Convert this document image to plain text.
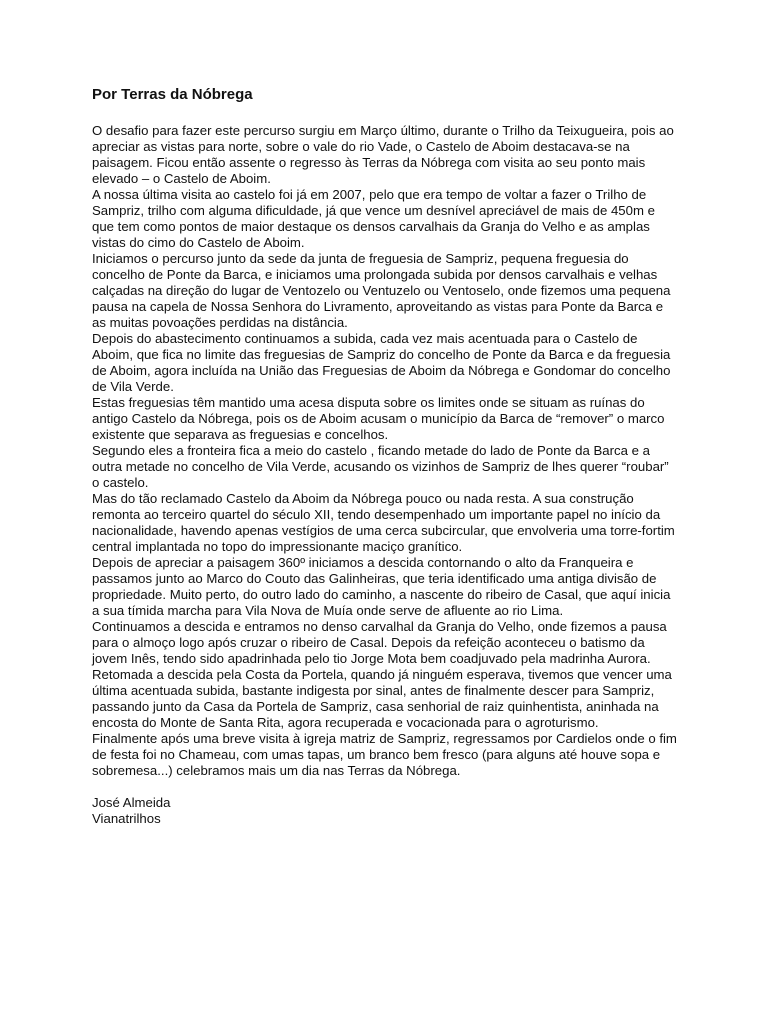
Por Terras da Nóbrega

O desafio para fazer este percurso surgiu em Março último, durante o Trilho da Teixugueira, pois ao apreciar as vistas para norte, sobre o vale do rio Vade, o Castelo de Aboim destacava-se na paisagem. Ficou então assente o regresso às Terras da Nóbrega com visita ao seu ponto mais elevado – o Castelo de Aboim.

A nossa última visita ao castelo foi já em 2007, pelo que era tempo de voltar a fazer o Trilho de Sampriz, trilho com alguma dificuldade, já que vence um desnível apreciável de mais de 450m e que tem como pontos de maior destaque os densos carvalhais da Granja do Velho e as amplas vistas do cimo do Castelo de Aboim.

Iniciamos o percurso junto da sede da junta de freguesia de Sampriz, pequena freguesia do concelho de Ponte da Barca, e iniciamos uma prolongada subida por densos carvalhais e velhas calçadas na direção do lugar de Ventozelo ou Ventuzelo ou Ventoselo, onde fizemos uma pequena pausa na capela de Nossa Senhora do Livramento, aproveitando as vistas para Ponte da Barca e as muitas povoações perdidas na distância.

Depois do abastecimento continuamos a subida, cada vez mais acentuada para o Castelo de Aboim, que fica no limite das freguesias de Sampriz do concelho de Ponte da Barca e da freguesia de Aboim, agora incluída na União das Freguesias de Aboim da Nóbrega e Gondomar do concelho de Vila Verde.

Estas freguesias têm mantido uma acesa disputa sobre os limites onde se situam as ruínas do antigo Castelo da Nóbrega, pois os de Aboim acusam o município da Barca de “remover” o marco existente que separava as freguesias e concelhos.

Segundo eles a fronteira fica a meio do castelo , ficando metade do lado de Ponte da Barca e a outra metade no concelho de Vila Verde, acusando os vizinhos de Sampriz de lhes querer “roubar” o castelo.

Mas do tão reclamado Castelo da Aboim da Nóbrega pouco ou nada resta. A sua construção remonta ao terceiro quartel do século XII, tendo desempenhado um importante papel no início da nacionalidade, havendo apenas vestígios de uma cerca subcircular, que envolveria uma torre-fortim central implantada no topo do impressionante maciço granítico.

Depois de apreciar a paisagem 360º iniciamos a descida contornando o alto da Franqueira e passamos junto ao Marco do Couto das Galinheiras, que teria identificado uma antiga divisão de propriedade. Muito perto, do outro lado do caminho, a nascente do ribeiro de Casal, que aquí inicia a sua tímida marcha para Vila Nova de Muía onde serve de afluente ao rio Lima.

Continuamos a descida e entramos no denso carvalhal da Granja do Velho, onde fizemos a pausa para o almoço logo após cruzar o ribeiro de Casal. Depois da refeição aconteceu o batismo da jovem Inês, tendo sido apadrinhada pelo tio Jorge Mota bem coadjuvado pela madrinha Aurora.

Retomada a descida pela Costa da Portela, quando já ninguém esperava, tivemos que vencer uma última acentuada subida, bastante indigesta por sinal, antes de finalmente descer para Sampriz, passando junto da Casa da Portela de Sampriz, casa senhorial de raiz quinhentista, aninhada na encosta do Monte de Santa Rita, agora recuperada e vocacionada para o agroturismo.

Finalmente após uma breve visita à igreja matriz de Sampriz, regressamos por Cardielos onde o fim de festa foi no Chameau, com umas tapas, um branco bem fresco (para alguns até houve sopa e sobremesa...) celebramos mais um dia nas Terras da Nóbrega.

José Almeida

Vianatrilhos
